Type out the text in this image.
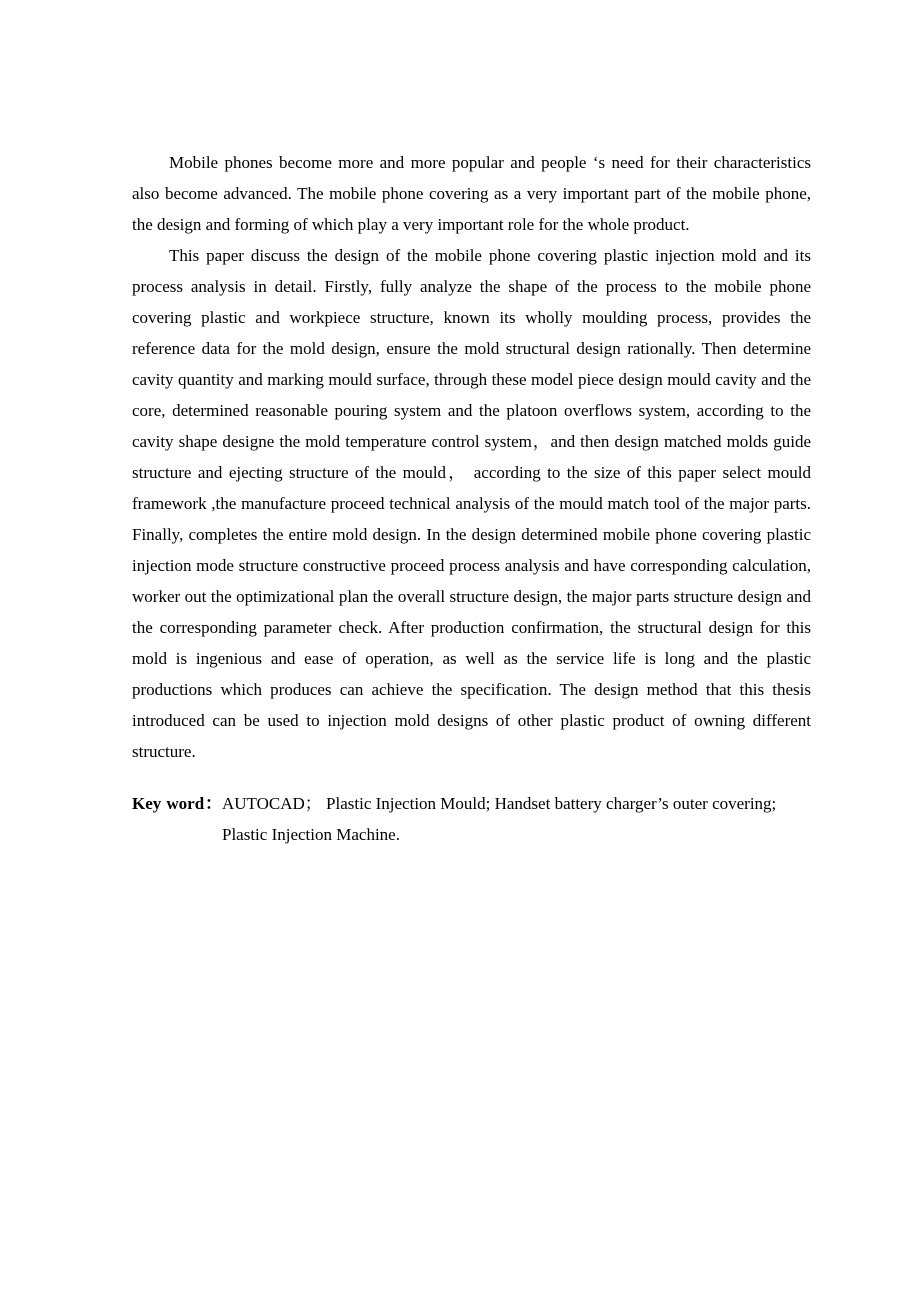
Mobile phones become more and more popular and people ‘s need for their characteristics also become advanced. The mobile phone covering as a very important part of the mobile phone, the design and forming of which play a very important role for the whole product.

This paper discuss the design of the mobile phone covering plastic injection mold and its process analysis in detail. Firstly, fully analyze the shape of the process to the mobile phone covering plastic and workpiece structure, known its wholly moulding process, provides the reference data for the mold design, ensure the mold structural design rationally. Then determine cavity quantity and marking mould surface, through these model piece design mould cavity and the core, determined reasonable pouring system and the platoon overflows system, according to the cavity shape designe the mold temperature control system，and then design matched molds guide structure and ejecting structure of the mould， according to the size of this paper select mould framework ,the manufacture proceed technical analysis of the mould match tool of the major parts. Finally, completes the entire mold design. In the design determined mobile phone covering plastic injection mode structure constructive proceed process analysis and have corresponding calculation, worker out the optimizational plan the overall structure design, the major parts structure design and the corresponding parameter check. After production confirmation, the structural design for this mold is ingenious and ease of operation, as well as the service life is long and the plastic productions which produces can achieve the specification. The design method that this thesis introduced can be used to injection mold designs of other plastic product of owning different structure.

Key word： AUTOCAD； Plastic Injection Mould; Handset battery charger’s outer covering; Plastic Injection Machine.
